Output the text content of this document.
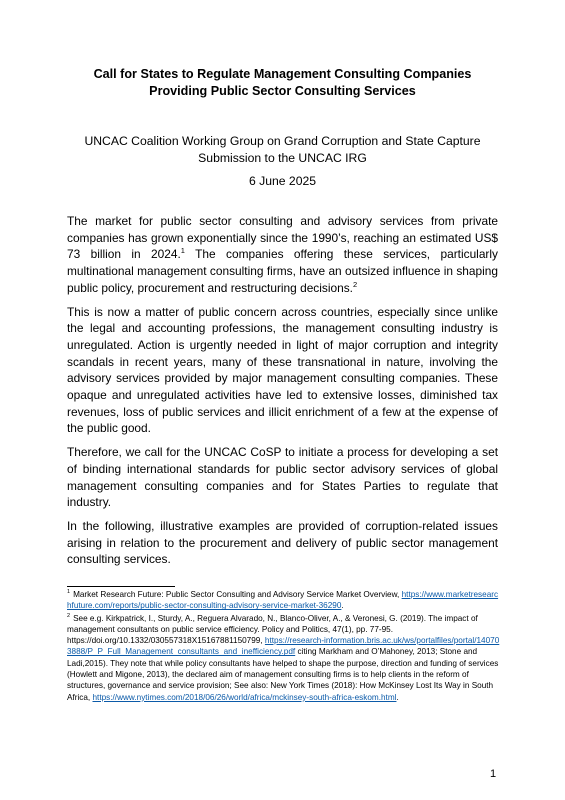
Call for States to Regulate Management Consulting Companies
Providing Public Sector Consulting Services
UNCAC Coalition Working Group on Grand Corruption and State Capture
Submission to the UNCAC IRG
6 June 2025

The market for public sector consulting and advisory services from private companies has grown exponentially since the 1990’s, reaching an estimated US$ 73 billion in 2024.$^1$ The companies offering these services, particularly multinational management consulting firms, have an outsized influence in shaping public policy, procurement and restructuring decisions.$^2$

This is now a matter of public concern across countries, especially since unlike the legal and accounting professions, the management consulting industry is unregulated. Action is urgently needed in light of major corruption and integrity scandals in recent years, many of these transnational in nature, involving the advisory services provided by major management consulting companies. These opaque and unregulated activities have led to extensive losses, diminished tax revenues, loss of public services and illicit enrichment of a few at the expense of the public good.

Therefore, we call for the UNCAC CoSP to initiate a process for developing a set of binding international standards for public sector advisory services of global management consulting companies and for States Parties to regulate that industry.

In the following, illustrative examples are provided of corruption-related issues arising in relation to the procurement and delivery of public sector management consulting services.

$^1$ Market Research Future: Public Sector Consulting and Advisory Service Market Overview, https://www.marketresearchfuture.com/reports/public-sector-consulting-advisory-service-market-36290.

$^2$ See e.g. Kirkpatrick, I., Sturdy, A., Reguera Alvarado, N., Blanco-Oliver, A., & Veronesi, G. (2019). The impact of management consultants on public service efficiency. Policy and Politics, 47(1), pp. 77-95. https://doi.org/10.1332/030557318X15167881150799, https://research-information.bris.ac.uk/ws/portalfiles/portal/140703888/P_P_Full_Management_consultants_and_inefficiency.pdf citing Markham and O’Mahoney, 2013; Stone and Ladi,2015). They note that while policy consultants have helped to shape the purpose, direction and funding of services (Howlett and Migone, 2013), the declared aim of management consulting firms is to help clients in the reform of structures, governance and service provision; See also: New York Times (2018): How McKinsey Lost Its Way in South Africa, https://www.nytimes.com/2018/06/26/world/africa/mckinsey-south-africa-eskom.html.

1
